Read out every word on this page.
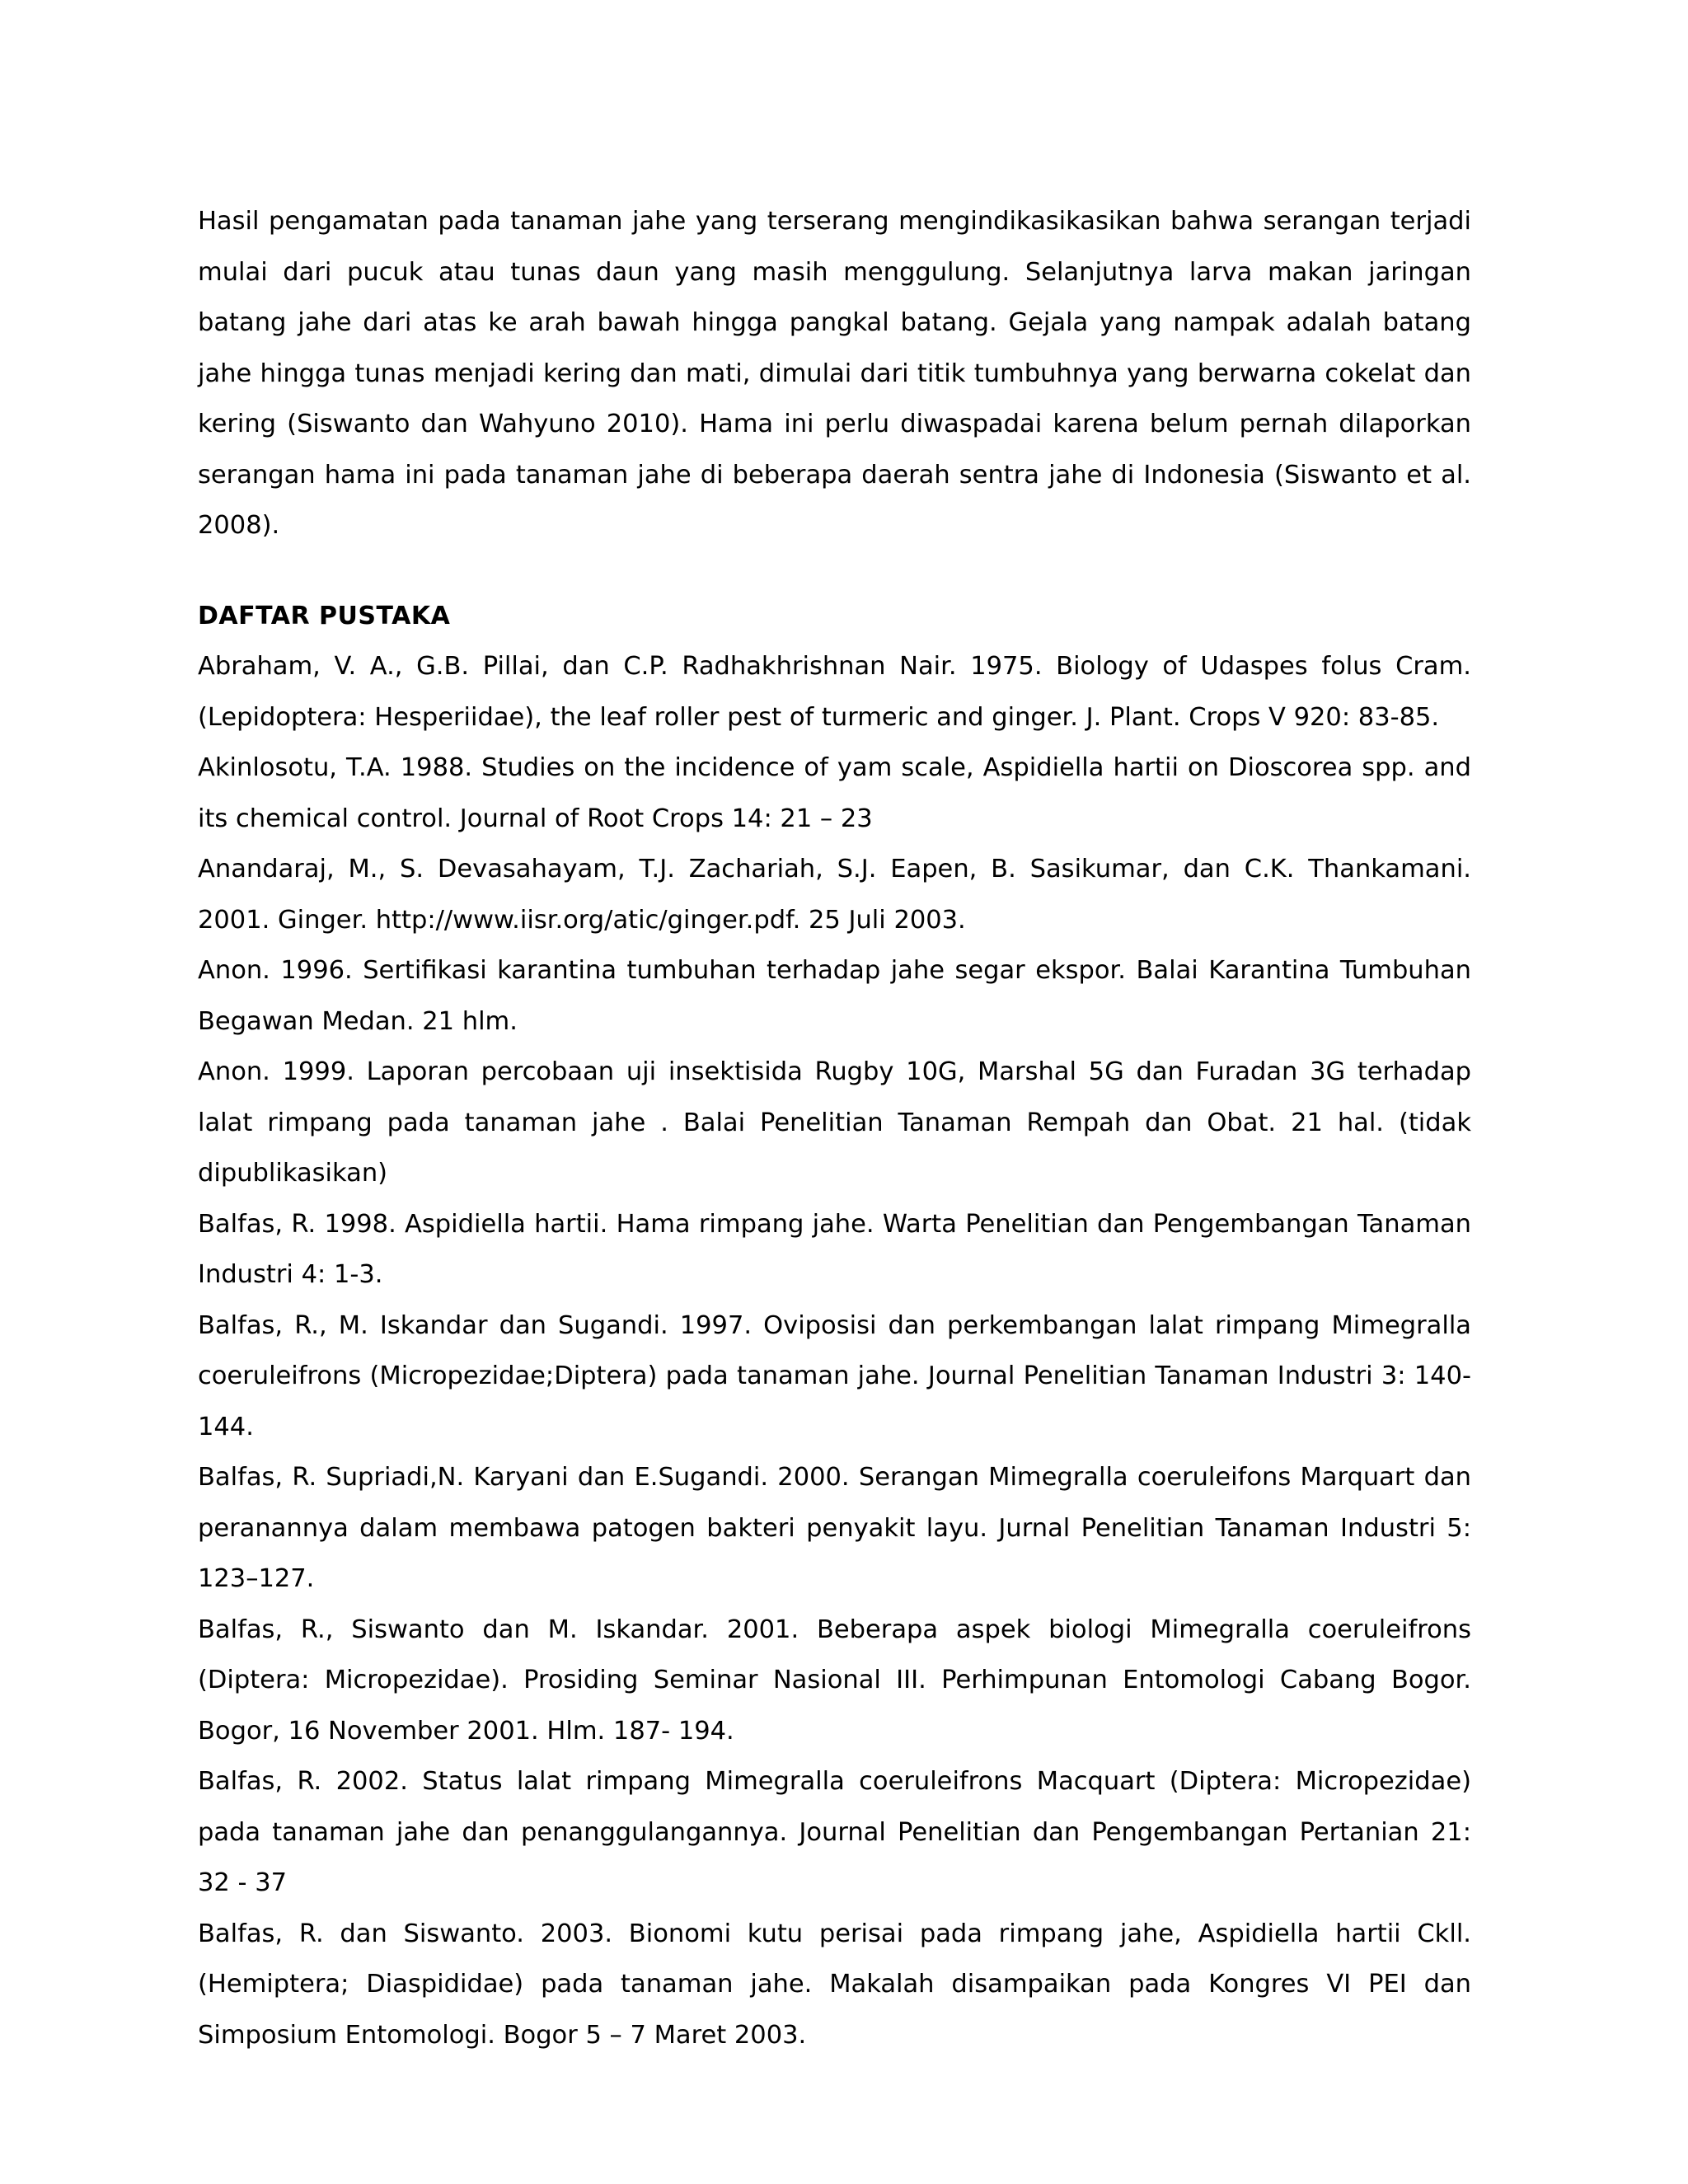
Hasil pengamatan pada tanaman jahe yang terserang mengindikasikasikan bahwa serangan terjadi mulai dari pucuk atau tunas daun yang masih menggulung. Selanjutnya larva makan jaringan batang jahe dari atas ke arah bawah hingga pangkal batang. Gejala yang nampak adalah batang jahe hingga tunas menjadi kering dan mati, dimulai dari titik tumbuhnya yang berwarna cokelat dan kering (Siswanto dan Wahyuno 2010). Hama ini perlu diwaspadai karena belum pernah dilaporkan serangan hama ini pada tanaman jahe di beberapa daerah sentra jahe di Indonesia (Siswanto et al. 2008).

DAFTAR PUSTAKA
Abraham, V. A., G.B. Pillai, dan C.P. Radhakhrishnan Nair. 1975. Biology of Udaspes folus Cram. (Lepidoptera: Hesperiidae), the leaf roller pest of turmeric and ginger. J. Plant. Crops V 920: 83-85.
Akinlosotu, T.A. 1988. Studies on the incidence of yam scale, Aspidiella hartii on Dioscorea spp. and its chemical control. Journal of Root Crops 14: 21 – 23
Anandaraj, M., S. Devasahayam, T.J. Zachariah, S.J. Eapen, B. Sasikumar, dan C.K. Thankamani. 2001. Ginger. http://www.iisr.org/atic/ginger.pdf. 25 Juli 2003.
Anon. 1996. Sertifikasi karantina tumbuhan terhadap jahe segar ekspor. Balai Karantina Tumbuhan Begawan Medan. 21 hlm.
Anon. 1999. Laporan percobaan uji insektisida Rugby 10G, Marshal 5G dan Furadan 3G terhadap lalat rimpang pada tanaman jahe . Balai Penelitian Tanaman Rempah dan Obat. 21 hal. (tidak dipublikasikan)
Balfas, R. 1998. Aspidiella hartii. Hama rimpang jahe. Warta Penelitian dan Pengembangan Tanaman Industri 4: 1-3.
Balfas, R., M. Iskandar dan Sugandi. 1997. Oviposisi dan perkembangan lalat rimpang Mimegralla coeruleifrons (Micropezidae;Diptera) pada tanaman jahe. Journal Penelitian Tanaman Industri 3: 140-144.
Balfas, R. Supriadi,N. Karyani dan E.Sugandi. 2000. Serangan Mimegralla coeruleifons Marquart dan peranannya dalam membawa patogen bakteri penyakit layu. Jurnal Penelitian Tanaman Industri 5: 123–127.
Balfas, R., Siswanto dan M. Iskandar. 2001. Beberapa aspek biologi Mimegralla coeruleifrons (Diptera: Micropezidae). Prosiding Seminar Nasional III. Perhimpunan Entomologi Cabang Bogor. Bogor, 16 November 2001. Hlm. 187- 194.
Balfas, R. 2002. Status lalat rimpang Mimegralla coeruleifrons Macquart (Diptera: Micropezidae) pada tanaman jahe dan penanggulangannya. Journal Penelitian dan Pengembangan Pertanian 21: 32 - 37
Balfas, R. dan Siswanto. 2003. Bionomi kutu perisai pada rimpang jahe, Aspidiella hartii Ckll. (Hemiptera; Diaspididae) pada tanaman jahe. Makalah disampaikan pada Kongres VI PEI dan Simposium Entomologi. Bogor 5 – 7 Maret 2003.
